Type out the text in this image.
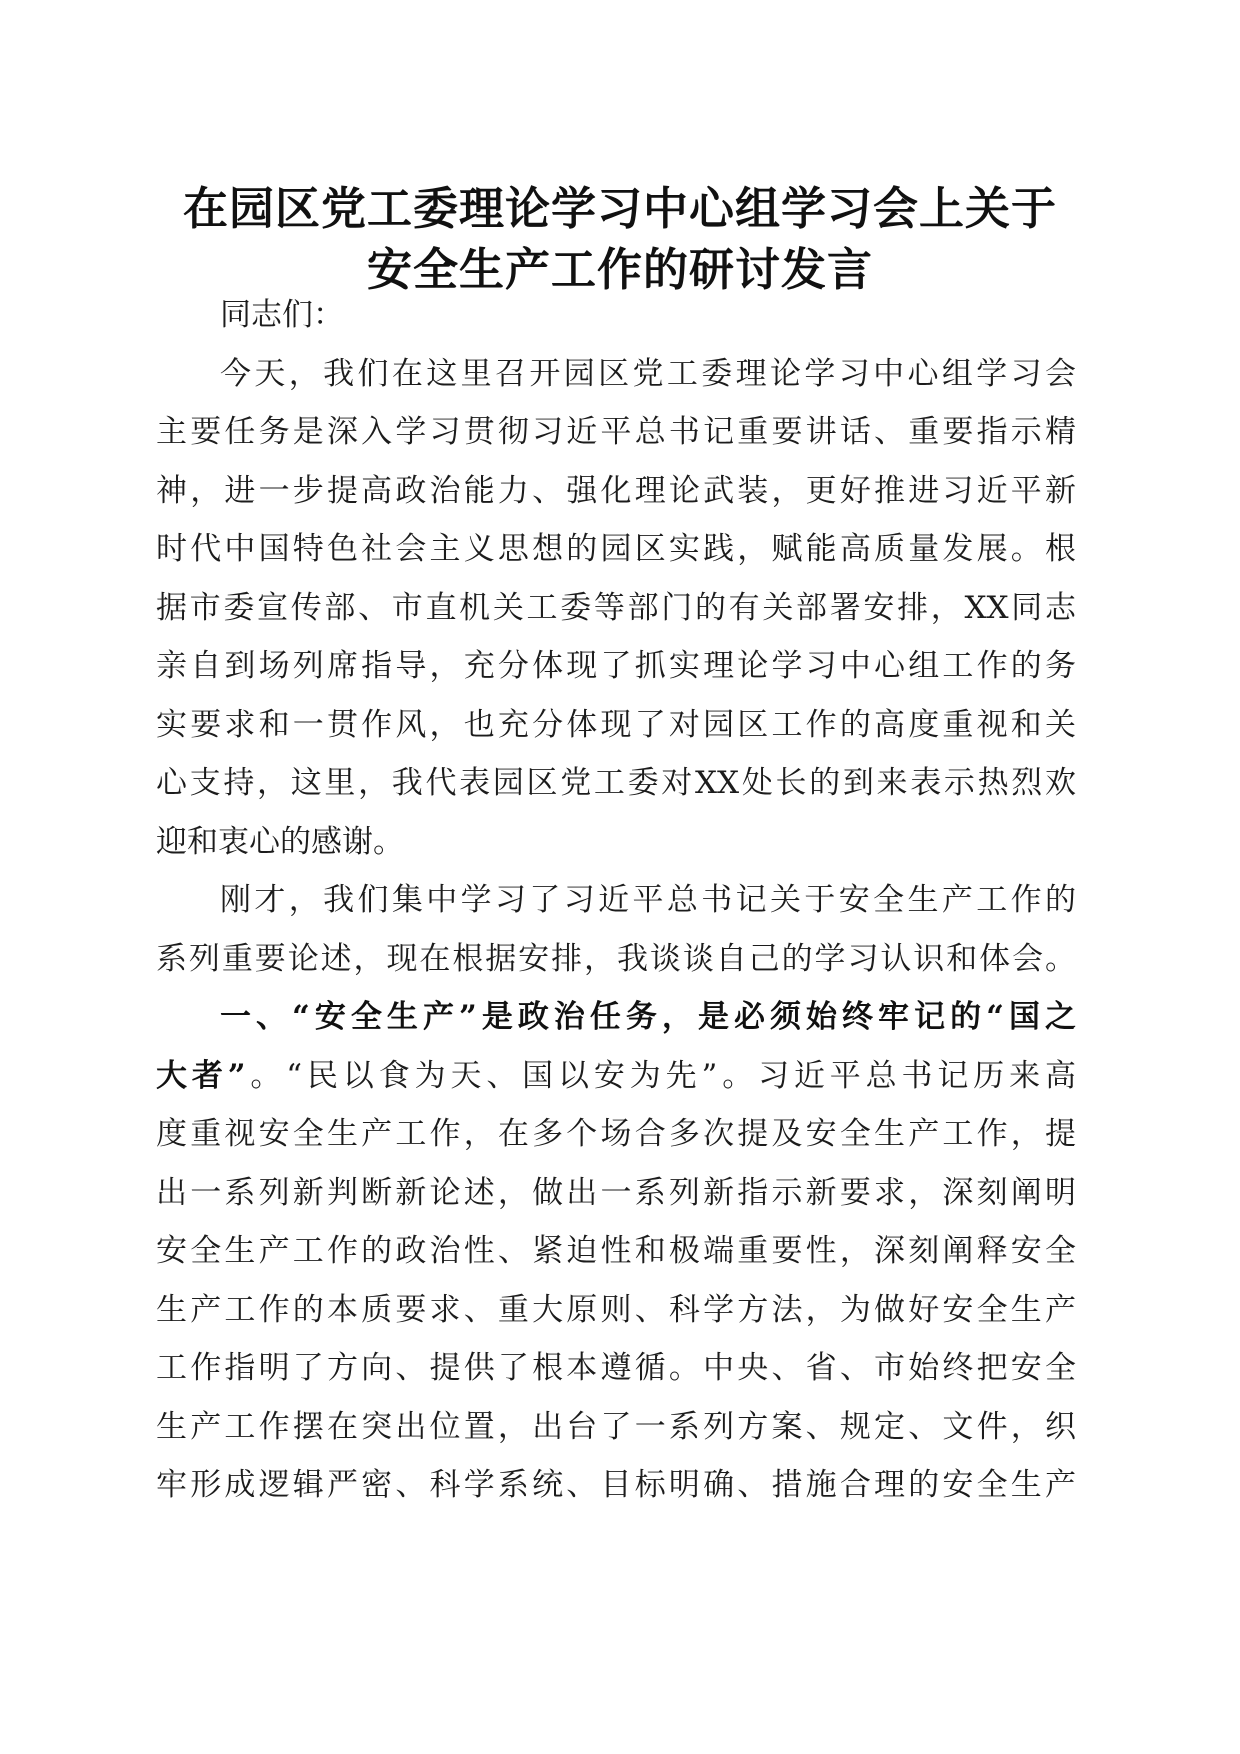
在园区党工委理论学习中心组学习会上关于
安全生产工作的研讨发言
同志们：
今天，我们在这里召开园区党工委理论学习中心组学习会
主要任务是深入学习贯彻习近平总书记重要讲话、重要指示精
神，进一步提高政治能力、强化理论武装，更好推进习近平新
时代中国特色社会主义思想的园区实践，赋能高质量发展。根
据市委宣传部、市直机关工委等部门的有关部署安排，XX同志
亲自到场列席指导，充分体现了抓实理论学习中心组工作的务
实要求和一贯作风，也充分体现了对园区工作的高度重视和关
心支持，这里，我代表园区党工委对XX处长的到来表示热烈欢
迎和衷心的感谢。
刚才，我们集中学习了习近平总书记关于安全生产工作的
系列重要论述，现在根据安排，我谈谈自己的学习认识和体会。
一、“安全生产”是政治任务，是必须始终牢记的“国之
大者”。“民以食为天、国以安为先”。习近平总书记历来高
度重视安全生产工作，在多个场合多次提及安全生产工作，提
出一系列新判断新论述，做出一系列新指示新要求，深刻阐明
安全生产工作的政治性、紧迫性和极端重要性，深刻阐释安全
生产工作的本质要求、重大原则、科学方法，为做好安全生产
工作指明了方向、提供了根本遵循。中央、省、市始终把安全
生产工作摆在突出位置，出台了一系列方案、规定、文件，织
牢形成逻辑严密、科学系统、目标明确、措施合理的安全生产
